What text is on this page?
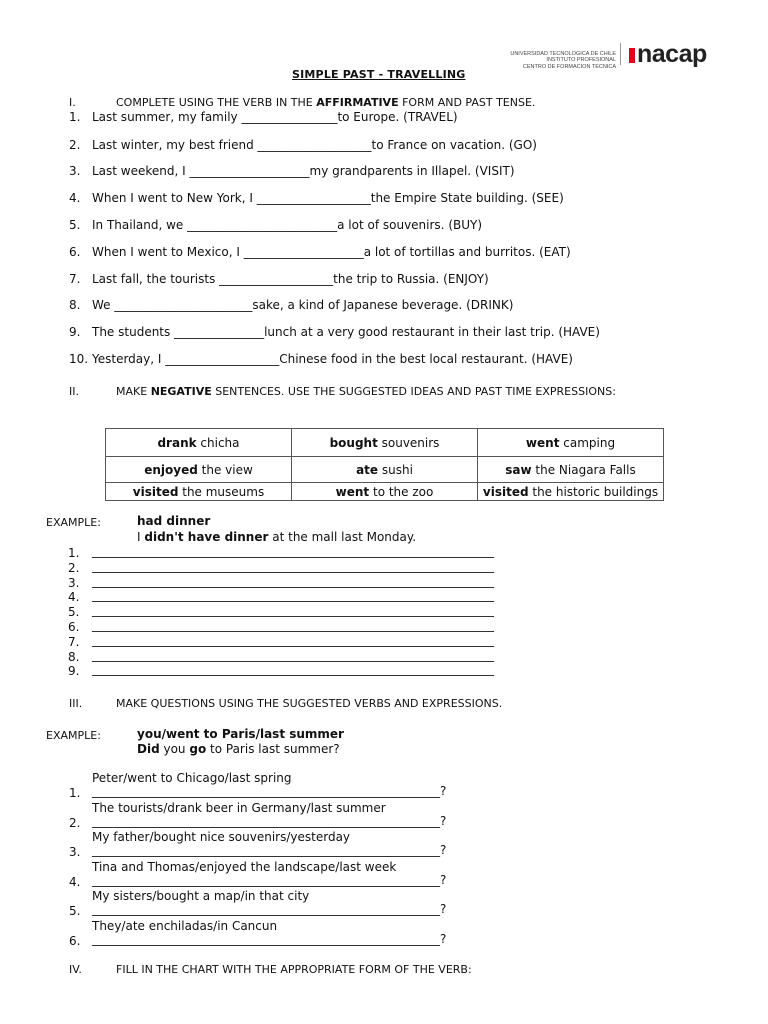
UNIVERSIDAD TECNOLOGICA DE CHILE
INSTITUTO PROFESIONAL
CENTRO DE FORMACION TECNICA nacap
SIMPLE PAST - TRAVELLING
I.	COMPLETE USING THE VERB IN THE AFFIRMATIVE FORM AND PAST TENSE.
1. Last summer, my family ________________to Europe. (TRAVEL)
2. Last winter, my best friend ___________________to France on vacation. (GO)
3. Last weekend, I ____________________my grandparents in Illapel. (VISIT)
4. When I went to New York, I ___________________the Empire State building. (SEE)
5. In Thailand, we _________________________a lot of souvenirs. (BUY)
6. When I went to Mexico, I ____________________a lot of tortillas and burritos. (EAT)
7. Last fall, the tourists ___________________the trip to Russia. (ENJOY)
8. We _______________________sake, a kind of Japanese beverage. (DRINK)
9. The students _______________lunch at a very good restaurant in their last trip. (HAVE)
10. Yesterday, I ___________________Chinese food in the best local restaurant. (HAVE)
II.	MAKE NEGATIVE SENTENCES. USE THE SUGGESTED IDEAS AND PAST TIME EXPRESSIONS:
drank chicha	bought souvenirs	went camping
enjoyed the view	ate sushi	saw the Niagara Falls
visited the museums	went to the zoo	visited the historic buildings
EXAMPLE:	had dinner
I didn't have dinner at the mall last Monday.
1. ___________________________________________________________________
2. ___________________________________________________________________
3. ___________________________________________________________________
4. ___________________________________________________________________
5. ___________________________________________________________________
6. ___________________________________________________________________
7. ___________________________________________________________________
8. ___________________________________________________________________
9. ___________________________________________________________________
III.	MAKE QUESTIONS USING THE SUGGESTED VERBS AND EXPRESSIONS.
EXAMPLE:	you/went to Paris/last summer
Did you go to Paris last summer?
Peter/went to Chicago/last spring
1. __________________________________________________________?
The tourists/drank beer in Germany/last summer
2. __________________________________________________________?
My father/bought nice souvenirs/yesterday
3. __________________________________________________________?
Tina and Thomas/enjoyed the landscape/last week
4. __________________________________________________________?
My sisters/bought a map/in that city
5. __________________________________________________________?
They/ate enchiladas/in Cancun
6. __________________________________________________________?
IV.	FILL IN THE CHART WITH THE APPROPRIATE FORM OF THE VERB:
